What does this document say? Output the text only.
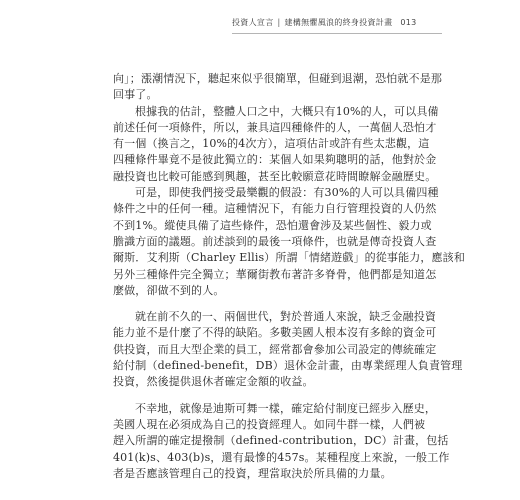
投資人宣言 | 建構無懼風浪的終身投資計畫 013

向」；漲潮情況下，聽起來似乎很簡單，但碰到退潮，恐怕就不是那
回事了。

根據我的估計，整體人口之中，大概只有10%的人，可以具備
前述任何一項條件，所以，兼具這四種條件的人，一萬個人恐怕才
有一個（換言之，10%的4次方），這項估計或許有些太悲觀，這
四種條件畢竟不是彼此獨立的：某個人如果夠聰明的話，他對於金
融投資也比較可能感到興趣，甚至比較願意花時間瞭解金融歷史。

可是，即使我們接受最樂觀的假設：有30%的人可以具備四種
條件之中的任何一種。這種情況下，有能力自行管理投資的人仍然
不到1%。縱使具備了這些條件，恐怕還會涉及某些個性、毅力或
膽識方面的議題。前述談到的最後一項條件，也就是傳奇投資人查
爾斯．艾利斯（Charley Ellis）所謂「情緒遊戲」的從事能力，應該和
另外三種條件完全獨立；華爾街教布著許多脊骨，他們都是知道怎
麼做，卻做不到的人。

就在前不久的一、兩個世代，對於普通人來說，缺乏金融投資
能力並不是什麼了不得的缺陷。多數美國人根本沒有多餘的資金可
供投資，而且大型企業的員工，經常都會參加公司設定的傳統確定
給付制（defined-benefit，DB）退休金計畫，由專業經理人負責管理
投資，然後提供退休者確定金額的收益。

不幸地，就像是迪斯可舞一樣，確定給付制度已經步入歷史，
美國人現在必須成為自己的投資經理人。如同牛群一樣，人們被
趕入所謂的確定提撥制（defined-contribution，DC）計畫，包括
401(k)s、403(b)s，還有最慘的457s。某種程度上來說，一般工作
者是否應該管理自己的投資，理當取決於所具備的力量。
